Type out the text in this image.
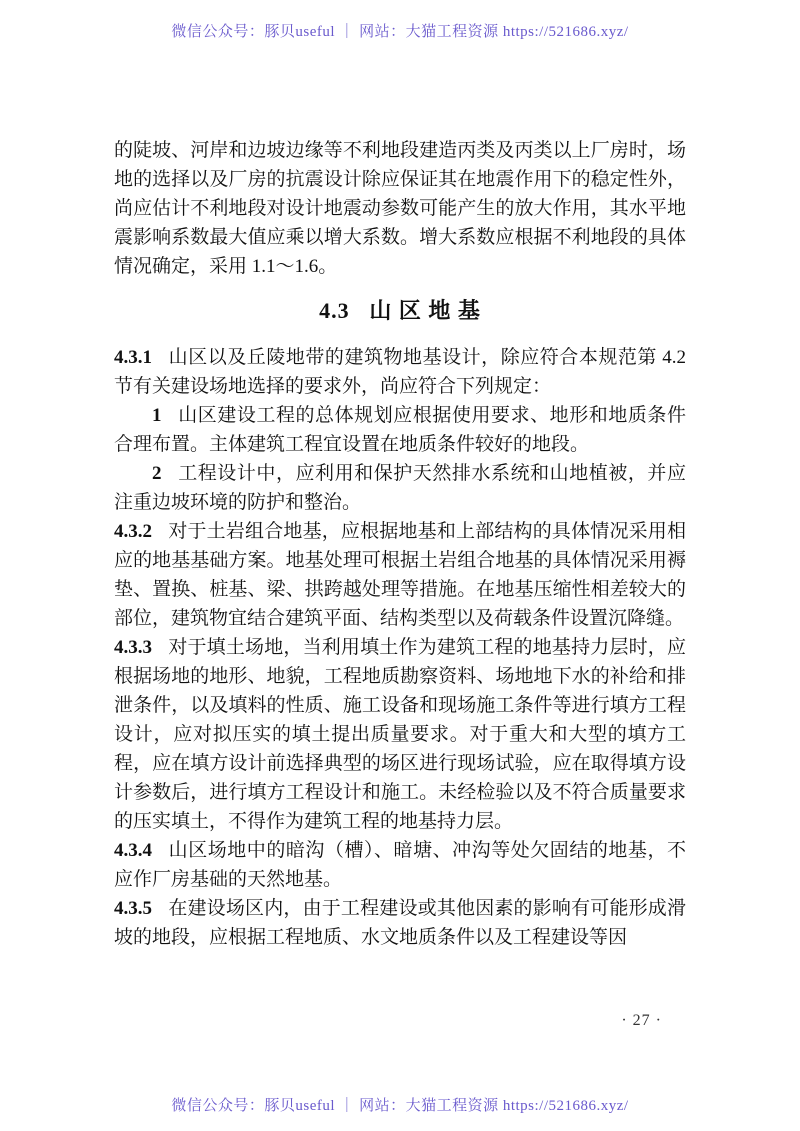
微信公众号：豚贝useful ｜ 网站：大猫工程资源 https://521686.xyz/

的陡坡、河岸和边坡边缘等不利地段建造丙类及丙类以上厂房时，场地的选择以及厂房的抗震设计除应保证其在地震作用下的稳定性外，尚应估计不利地段对设计地震动参数可能产生的放大作用，其水平地震影响系数最大值应乘以增大系数。增大系数应根据不利地段的具体情况确定，采用 1.1～1.6。

4.3 山 区 地 基

4.3.1 山区以及丘陵地带的建筑物地基设计，除应符合本规范第 4.2 节有关建设场地选择的要求外，尚应符合下列规定：

1 山区建设工程的总体规划应根据使用要求、地形和地质条件合理布置。主体建筑工程宜设置在地质条件较好的地段。

2 工程设计中，应利用和保护天然排水系统和山地植被，并应注重边坡环境的防护和整治。

4.3.2 对于土岩组合地基，应根据地基和上部结构的具体情况采用相应的地基基础方案。地基处理可根据土岩组合地基的具体情况采用褥垫、置换、桩基、梁、拱跨越处理等措施。在地基压缩性相差较大的部位，建筑物宜结合建筑平面、结构类型以及荷载条件设置沉降缝。

4.3.3 对于填土场地，当利用填土作为建筑工程的地基持力层时，应根据场地的地形、地貌，工程地质勘察资料、场地地下水的补给和排泄条件，以及填料的性质、施工设备和现场施工条件等进行填方工程设计，应对拟压实的填土提出质量要求。对于重大和大型的填方工程，应在填方设计前选择典型的场区进行现场试验，应在取得填方设计参数后，进行填方工程设计和施工。未经检验以及不符合质量要求的压实填土，不得作为建筑工程的地基持力层。

4.3.4 山区场地中的暗沟（槽）、暗塘、冲沟等处欠固结的地基，不应作厂房基础的天然地基。

4.3.5 在建设场区内，由于工程建设或其他因素的影响有可能形成滑坡的地段，应根据工程地质、水文地质条件以及工程建设等因

· 27 ·
微信公众号：豚贝useful ｜ 网站：大猫工程资源 https://521686.xyz/
